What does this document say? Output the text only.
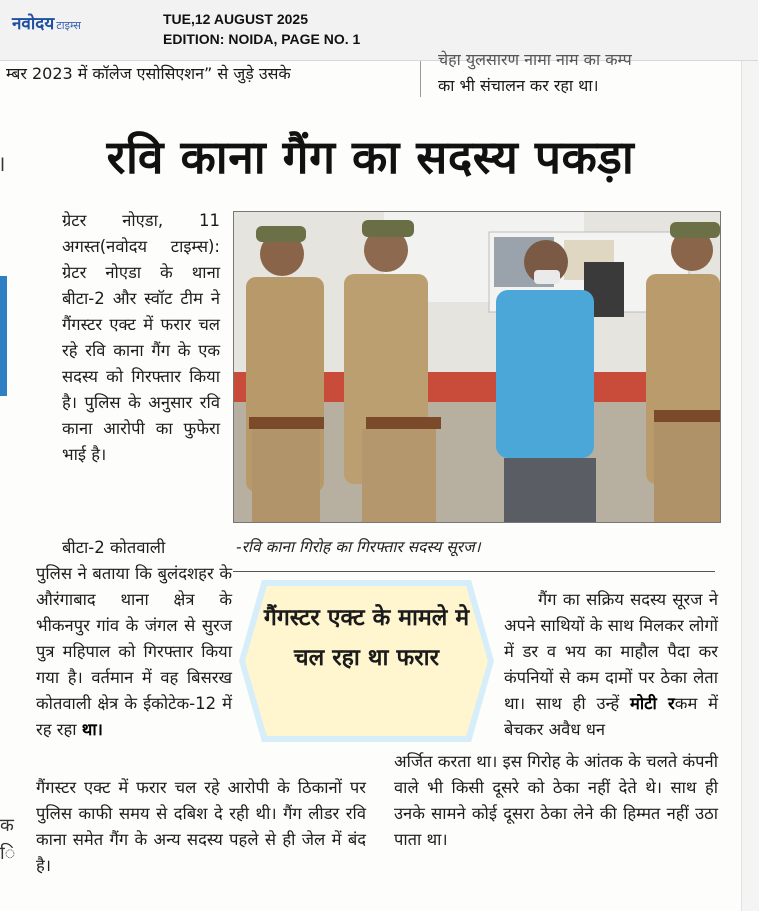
नवोदय टाइम्स	TUE,12 AUGUST 2025
EDITION: NOIDA, PAGE NO. 1
म्बर 2023 में कॉलेज एसोसिएशन” से जुड़े उसके
चेहा युलसारण नामा नाम का कम्प
का भी संचालन कर रहा था।
l
क
ि
रवि काना गैंग का सदस्य पकड़ा
ग्रेटर नोएडा, 11 अगस्त(नवोदय टाइम्स): ग्रेटर नोएडा के थाना बीटा-2 और स्वॉट टीम ने गैंगस्टर एक्ट में फरार चल रहे रवि काना गैंग के एक सदस्य को गिरफ्तार किया है। पुलिस के अनुसार रवि काना आरोपी का फुफेरा भाई है।
बीटा-2 कोतवाली
पुलिस ने बताया कि बुलंदशहर के औरंगाबाद थाना क्षेत्र के भीकनपुर गांव के जंगल से सुरज पुत्र महिपाल को गिरफ्तार किया गया है। वर्तमान में वह बिसरख कोतवाली क्षेत्र के ईकोटेक-12 में रह रहा था।
-रवि काना गिरोह का गिरफ्तार सदस्य सूरज।
गैंगस्टर एक्ट के मामले मे चल रहा था फरार
गैंग का सक्रिय सदस्य सूरज ने अपने साथियों के साथ मिलकर लोगों में डर व भय का माहौल पैदा कर कंपनियों से कम दामों पर ठेका लेता था। साथ ही उन्हें मोटी रकम में बेचकर अवैध धन
गैंगस्टर एक्ट में फरार चल रहे आरोपी के ठिकानों पर पुलिस काफी समय से दबिश दे रही थी। गैंग लीडर रवि काना समेत गैंग के अन्य सदस्य पहले से ही जेल में बंद है।
अर्जित करता था। इस गिरोह के आंतक के चलते कंपनी वाले भी किसी दूसरे को ठेका नहीं देते थे। साथ ही उनके सामने कोई दूसरा ठेका लेने की हिम्मत नहीं उठा पाता था।
